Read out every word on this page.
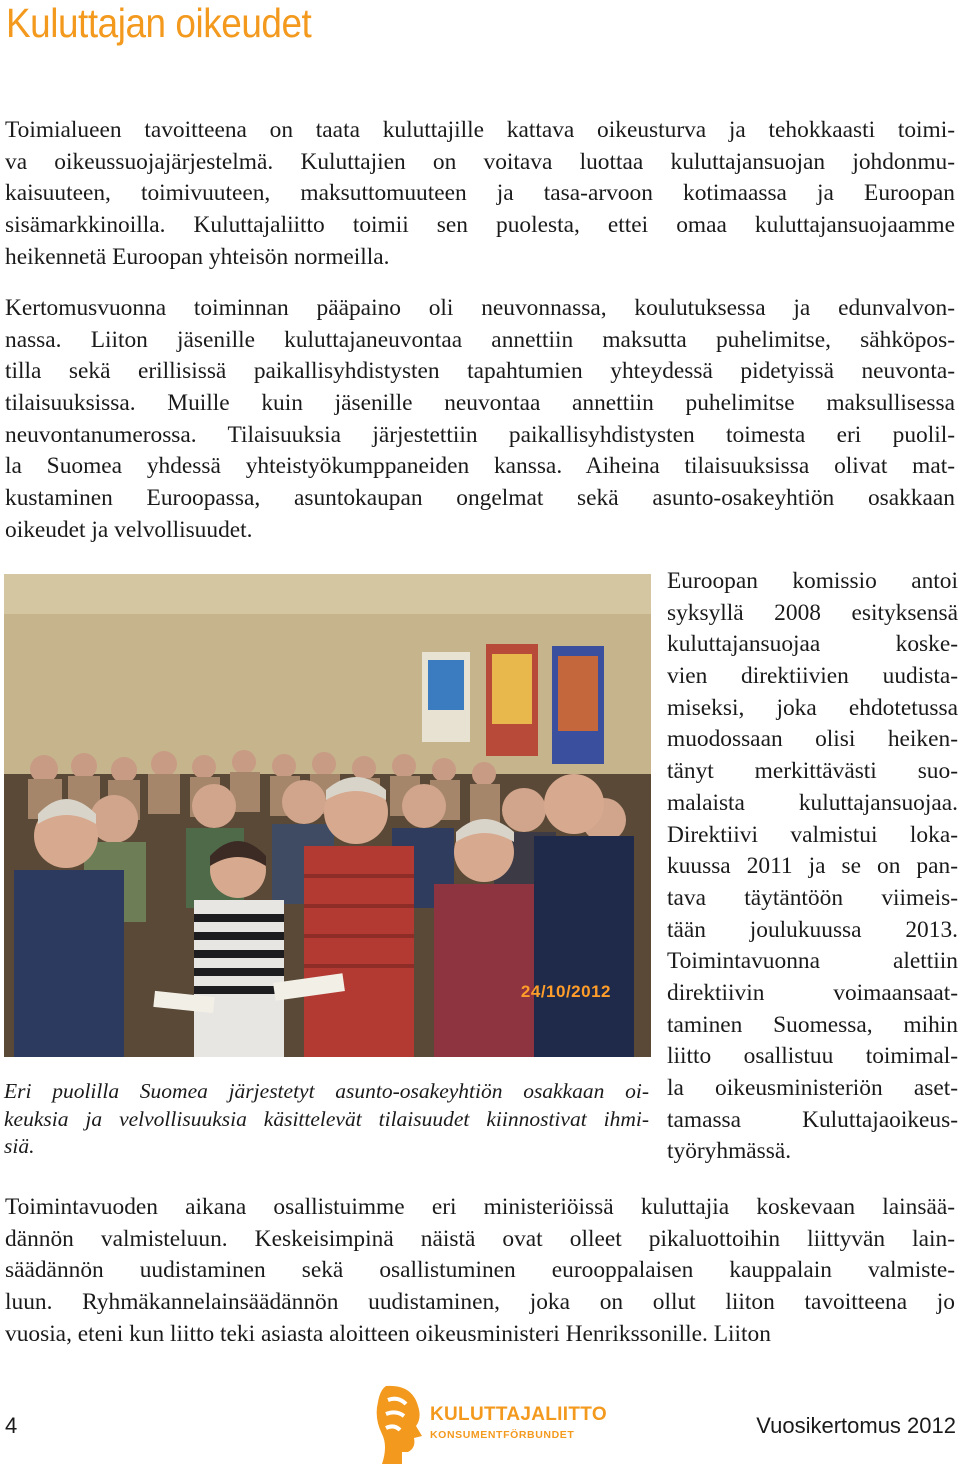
Kuluttajan oikeudet
Toimialueen tavoitteena on taata kuluttajille kattava oikeusturva ja tehokkaasti toimi-
va oikeussuojajärjestelmä. Kuluttajien on voitava luottaa kuluttajansuojan johdonmu-
kaisuuteen, toimivuuteen, maksuttomuuteen ja tasa-arvoon kotimaassa ja Euroopan
sisämarkkinoilla. Kuluttajaliitto toimii sen puolesta, ettei omaa kuluttajansuojaamme
heikennetä Euroopan yhteisön normeilla.
Kertomusvuonna toiminnan pääpaino oli neuvonnassa, koulutuksessa ja edunvalvon-
nassa. Liiton jäsenille kuluttajaneuvontaa annettiin maksutta puhelimitse, sähköpos-
tilla sekä erillisissä paikallisyhdistysten tapahtumien yhteydessä pidetyissä neuvonta-
tilaisuuksissa. Muille kuin jäsenille neuvontaa annettiin puhelimitse maksullisessa
neuvontanumerossa. Tilaisuuksia järjestettiin paikallisyhdistysten toimesta eri puolil-
la Suomea yhdessä yhteistyökumppaneiden kanssa. Aiheina tilaisuuksissa olivat mat-
kustaminen Euroopassa, asuntokaupan ongelmat sekä asunto-osakeyhtiön osakkaan
oikeudet ja velvollisuudet.
24/10/2012
Eri puolilla Suomea järjestetyt asunto-osakeyhtiön osakkaan oi-
keuksia ja velvollisuuksia käsittelevät tilaisuudet kiinnostivat ihmi-
siä.
Euroopan komissio antoi
syksyllä 2008 esityksensä
kuluttajansuojaa koske-
vien direktiivien uudista-
miseksi, joka ehdotetussa
muodossaan olisi heiken-
tänyt merkittävästi suo-
malaista kuluttajansuojaa.
Direktiivi valmistui loka-
kuussa 2011 ja se on pan-
tava täytäntöön viimeis-
tään joulukuussa 2013.
Toimintavuonna alettiin
direktiivin voimaansaat-
taminen Suomessa, mihin
liitto osallistuu toimimal-
la oikeusministeriön aset-
tamassa Kuluttajaoikeus-
työryhmässä.
Toimintavuoden aikana osallistuimme eri ministeriöissä kuluttajia koskevaan lainsää-
dännön valmisteluun. Keskeisimpinä näistä ovat olleet pikaluottoihin liittyvän lain-
säädännön uudistaminen sekä osallistuminen eurooppalaisen kauppalain valmiste-
luun. Ryhmäkannelainsäädännön uudistaminen, joka on ollut liiton tavoitteena jo
vuosia, eteni kun liitto teki asiasta aloitteen oikeusministeri Henrikssonille. Liiton
4	KULUTTAJALIITTO
KONSUMENTFÖRBUNDET	Vuosikertomus 2012
